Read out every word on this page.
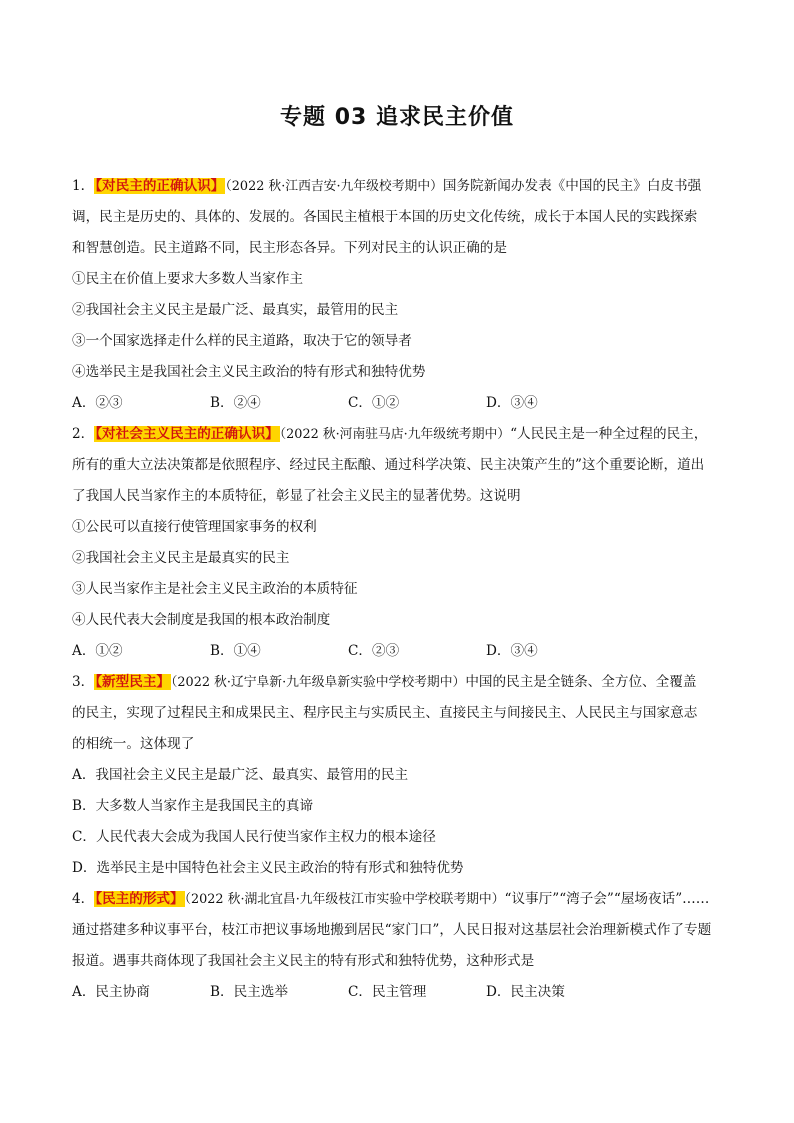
专题 03 追求民主价值
1．【对民主的正确认识】（2022 秋·江西吉安·九年级校考期中）国务院新闻办发表《中国的民主》白皮书强
调，民主是历史的、具体的、发展的。各国民主植根于本国的历史文化传统，成长于本国人民的实践探索
和智慧创造。民主道路不同，民主形态各异。下列对民主的认识正确的是
①民主在价值上要求大多数人当家作主
②我国社会主义民主是最广泛、最真实，最管用的民主
③一个国家选择走什么样的民主道路，取决于它的领导者
④选举民主是我国社会主义民主政治的特有形式和独特优势
A．②③	B．②④	C．①②	D．③④
2．【对社会主义民主的正确认识】（2022 秋·河南驻马店·九年级统考期中）“人民民主是一种全过程的民主，
所有的重大立法决策都是依照程序、经过民主酝酿、通过科学决策、民主决策产生的”这个重要论断，道出
了我国人民当家作主的本质特征，彰显了社会主义民主的显著优势。这说明
①公民可以直接行使管理国家事务的权利
②我国社会主义民主是最真实的民主
③人民当家作主是社会主义民主政治的本质特征
④人民代表大会制度是我国的根本政治制度
A．①②	B．①④	C．②③	D．③④
3．【新型民主】（2022 秋·辽宁阜新·九年级阜新实验中学校考期中）中国的民主是全链条、全方位、全覆盖
的民主，实现了过程民主和成果民主、程序民主与实质民主、直接民主与间接民主、人民民主与国家意志
的相统一。这体现了
A．我国社会主义民主是最广泛、最真实、最管用的民主
B．大多数人当家作主是我国民主的真谛
C．人民代表大会成为我国人民行使当家作主权力的根本途径
D．选举民主是中国特色社会主义民主政治的特有形式和独特优势
4．【民主的形式】（2022 秋·湖北宜昌·九年级枝江市实验中学校联考期中）“议事厅”“湾子会”“屋场夜话”……
通过搭建多种议事平台，枝江市把议事场地搬到居民“家门口”，人民日报对这基层社会治理新模式作了专题
报道。遇事共商体现了我国社会主义民主的特有形式和独特优势，这种形式是
A．民主协商	B．民主选举	C．民主管理	D．民主决策
